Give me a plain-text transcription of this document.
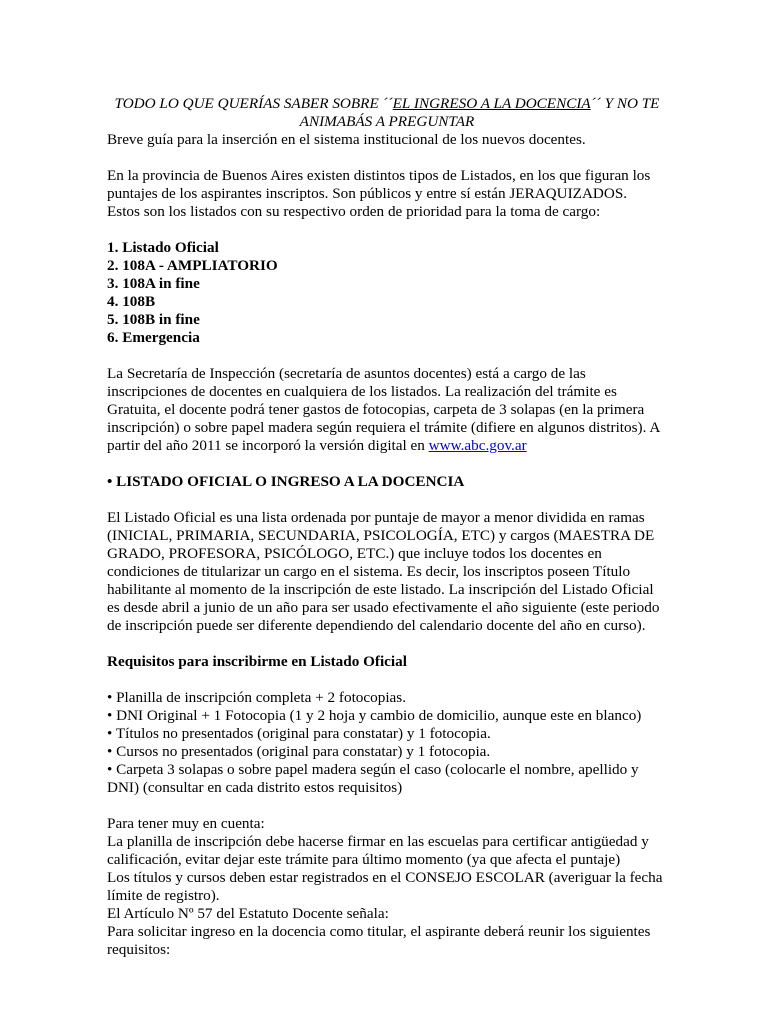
TODO LO QUE QUERÍAS SABER SOBRE ´´EL INGRESO A LA DOCENCIA´´ Y NO TE ANIMABÁS A PREGUNTAR

Breve guía para la inserción en el sistema institucional de los nuevos docentes.

En la provincia de Buenos Aires existen distintos tipos de Listados, en los que figuran los puntajes de los aspirantes inscriptos. Son públicos y entre sí están JERAQUIZADOS.

Estos son los listados con su respectivo orden de prioridad para la toma de cargo:

1. Listado Oficial
2. 108A - AMPLIATORIO
3. 108A in fine
4. 108B
5. 108B in fine
6. Emergencia

La Secretaría de Inspección (secretaría de asuntos docentes) está a cargo de las inscripciones de docentes en cualquiera de los listados. La realización del trámite es Gratuita, el docente podrá tener gastos de fotocopias, carpeta de 3 solapas (en la primera inscripción) o sobre papel madera según requiera el trámite (difiere en algunos distritos). A partir del año 2011 se incorporó la versión digital en www.abc.gov.ar

• LISTADO OFICIAL O INGRESO A LA DOCENCIA

El Listado Oficial es una lista ordenada por puntaje de mayor a menor dividida en ramas (INICIAL, PRIMARIA, SECUNDARIA, PSICOLOGÍA, ETC) y cargos (MAESTRA DE GRADO, PROFESORA, PSICÓLOGO, ETC.) que incluye todos los docentes en condiciones de titularizar un cargo en el sistema. Es decir, los inscriptos poseen Título habilitante al momento de la inscripción de este listado. La inscripción del Listado Oficial es desde abril a junio de un año para ser usado efectivamente el año siguiente (este periodo de inscripción puede ser diferente dependiendo del calendario docente del año en curso).

Requisitos para inscribirme en Listado Oficial

• Planilla de inscripción completa + 2 fotocopias.
• DNI Original + 1 Fotocopia (1 y 2 hoja y cambio de domicilio, aunque este en blanco)
• Títulos no presentados (original para constatar) y 1 fotocopia.
• Cursos no presentados (original para constatar) y 1 fotocopia.
• Carpeta 3 solapas o sobre papel madera según el caso (colocarle el nombre, apellido y DNI) (consultar en cada distrito estos requisitos)

Para tener muy en cuenta:

La planilla de inscripción debe hacerse firmar en las escuelas para certificar antigüedad y calificación, evitar dejar este trámite para último momento (ya que afecta el puntaje)

Los títulos y cursos deben estar registrados en el CONSEJO ESCOLAR (averiguar la fecha límite de registro).

El Artículo Nº 57 del Estatuto Docente señala:

Para solicitar ingreso en la docencia como titular, el aspirante deberá reunir los siguientes requisitos:
